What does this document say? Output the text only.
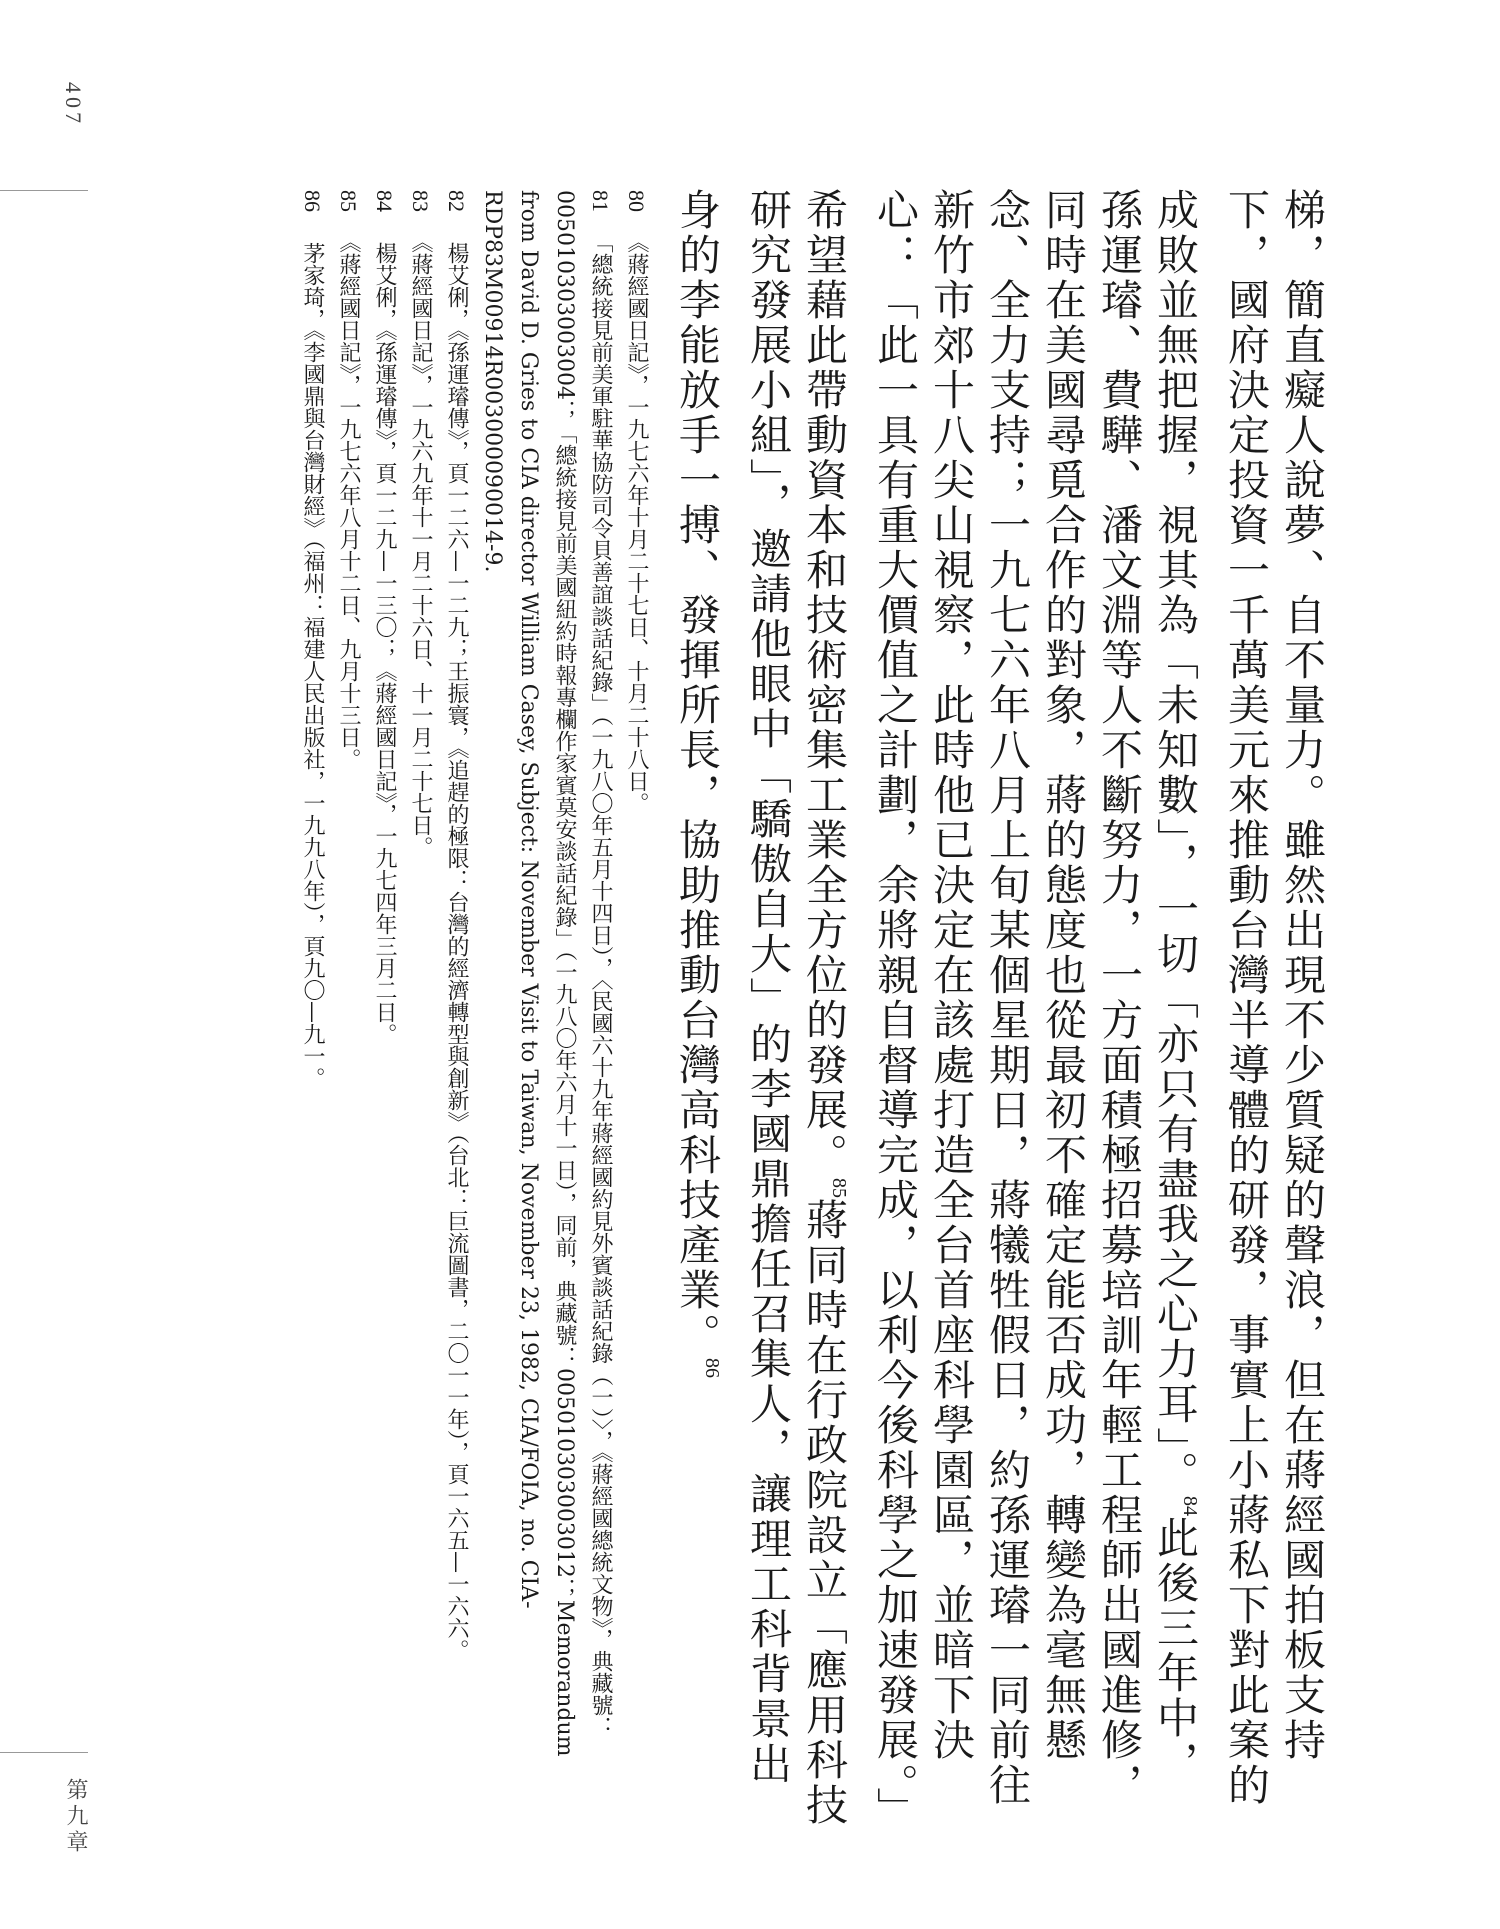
407
第九章

梯，簡直癡人說夢、自不量力。雖然出現不少質疑的聲浪，但在蔣經國拍板支持下，國府決定投資一千萬美元來推動台灣半導體的研發，事實上小蔣私下對此案的成敗並無把握，視其為「未知數」，一切「亦只有盡我之心力耳」。$^{84}$此後三年中，孫運璿、費驊、潘文淵等人不斷努力，一方面積極招募培訓年輕工程師出國進修，同時在美國尋覓合作的對象，蔣的態度也從最初不確定能否成功，轉變為毫無懸念、全力支持；一九七六年八月上旬某個星期日，蔣犧牲假日，約孫運璿一同前往新竹市郊十八尖山視察，此時他已決定在該處打造全台首座科學園區，並暗下決心：「此一具有重大價值之計劃，余將親自督導完成，以利今後科學之加速發展。」希望藉此帶動資本和技術密集工業全方位的發展。$^{85}$蔣同時在行政院設立「應用科技研究發展小組」，邀請他眼中「驕傲自大」的李國鼎擔任召集人，讓理工科背景出身的李能放手一搏、發揮所長，協助推動台灣高科技產業。$^{86}$

80　《蔣經國日記》，一九七六年十月二十七日、十月二十八日。

81　「總統接見前美軍駐華協防司令貝善誼談話紀錄」（一九八〇年五月十四日），〈民國六十九年蔣經國約見外賓談話紀錄（一）〉，《蔣經國總統文物》，典藏號：005010303003004；「總統接見前美國紐約時報專欄作家賓莫安談話紀錄」（一九八〇年六月十一日），同前，典藏號：005010303003012；Memorandum from David D. Gries to CIA director William Casey, Subject: November Visit to Taiwan, November 23, 1982, CIA/FOIA, no. CIA-RDP83M00914R003000090014-9.

82　楊艾俐，《孫運璿傳》，頁一二六—一二九；王振寰，《追趕的極限：台灣的經濟轉型與創新》（台北：巨流圖書，二〇一一年），頁一六五—一六六。

83　《蔣經國日記》，一九六九年十一月二十六日、十一月二十七日。

84　楊艾俐，《孫運璿傳》，頁一二九—一三〇；《蔣經國日記》，一九七四年三月二日。

85　《蔣經國日記》，一九七六年八月十二日、九月十三日。

86　茅家琦，《李國鼎與台灣財經》（福州：福建人民出版社，一九九八年），頁九〇—九一。
